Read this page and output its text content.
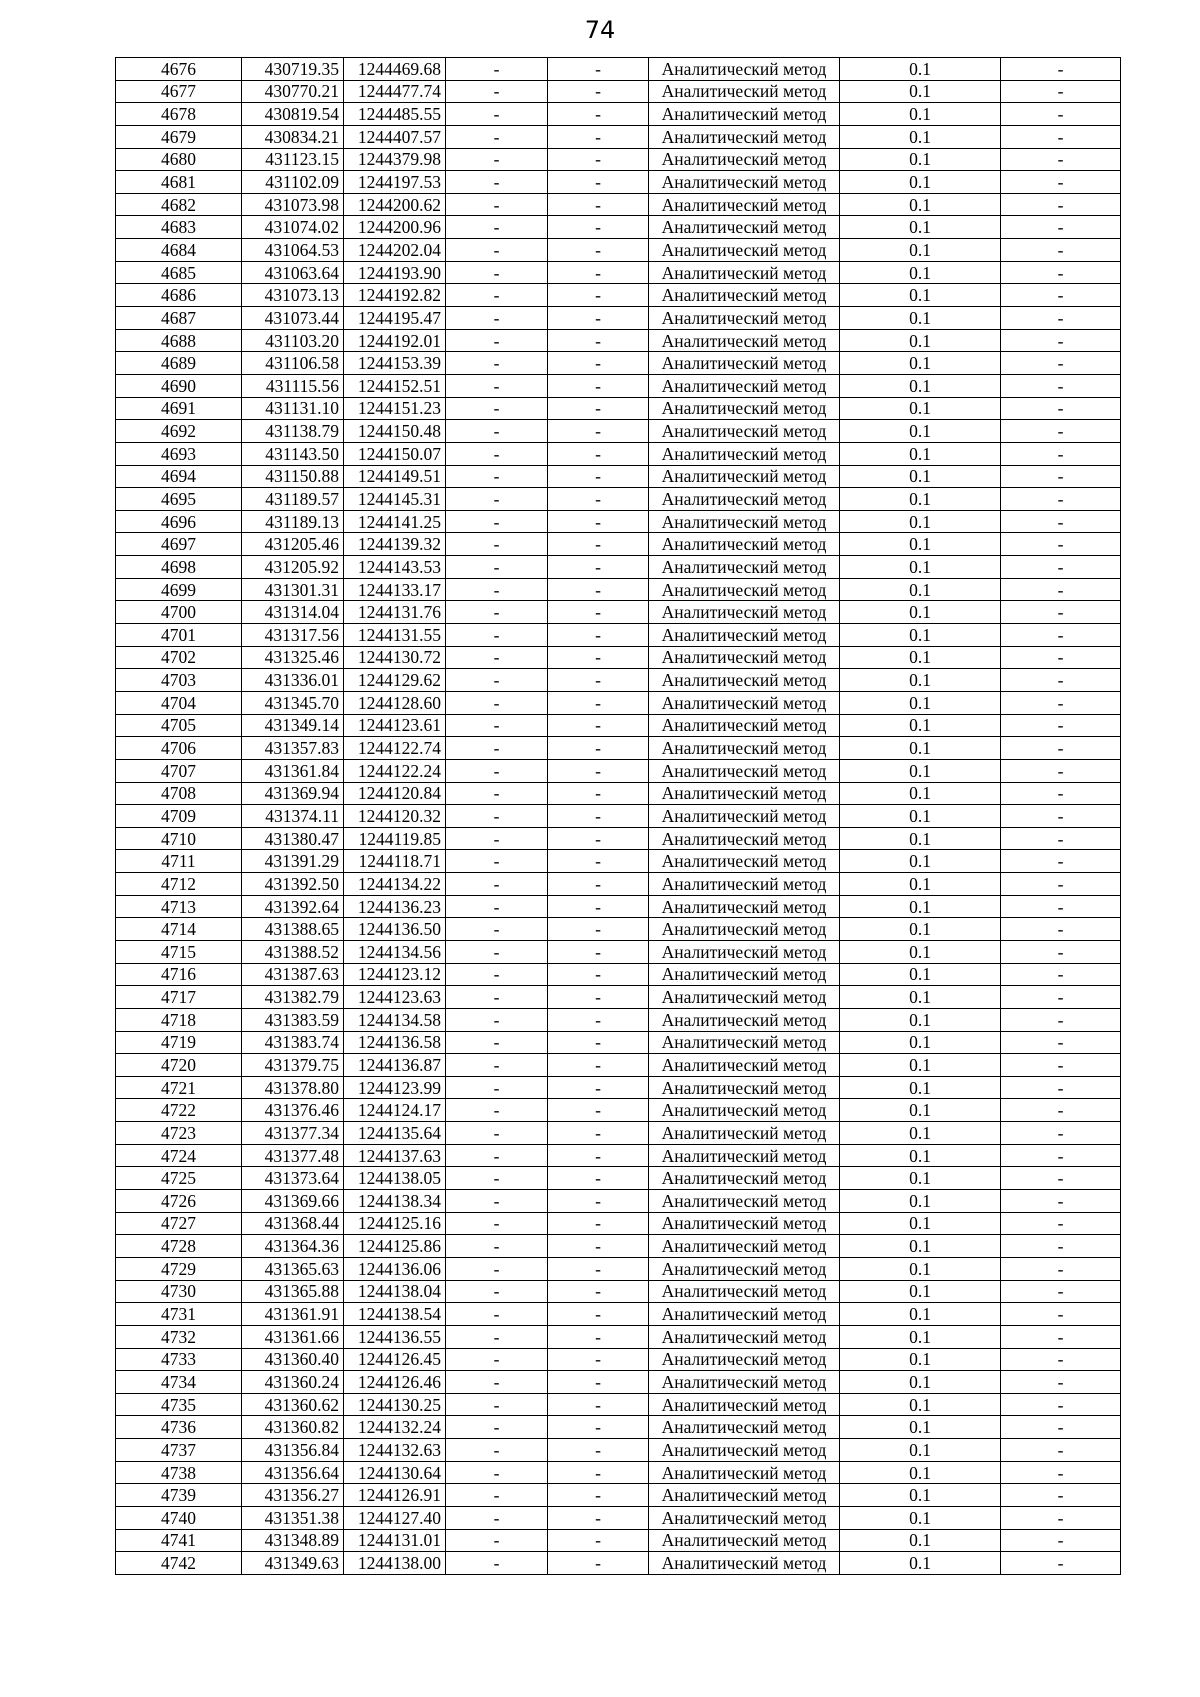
74
4676	430719.35	1244469.68	-	-	Аналитический метод	0.1	-
4677	430770.21	1244477.74	-	-	Аналитический метод	0.1	-
4678	430819.54	1244485.55	-	-	Аналитический метод	0.1	-
4679	430834.21	1244407.57	-	-	Аналитический метод	0.1	-
4680	431123.15	1244379.98	-	-	Аналитический метод	0.1	-
4681	431102.09	1244197.53	-	-	Аналитический метод	0.1	-
4682	431073.98	1244200.62	-	-	Аналитический метод	0.1	-
4683	431074.02	1244200.96	-	-	Аналитический метод	0.1	-
4684	431064.53	1244202.04	-	-	Аналитический метод	0.1	-
4685	431063.64	1244193.90	-	-	Аналитический метод	0.1	-
4686	431073.13	1244192.82	-	-	Аналитический метод	0.1	-
4687	431073.44	1244195.47	-	-	Аналитический метод	0.1	-
4688	431103.20	1244192.01	-	-	Аналитический метод	0.1	-
4689	431106.58	1244153.39	-	-	Аналитический метод	0.1	-
4690	431115.56	1244152.51	-	-	Аналитический метод	0.1	-
4691	431131.10	1244151.23	-	-	Аналитический метод	0.1	-
4692	431138.79	1244150.48	-	-	Аналитический метод	0.1	-
4693	431143.50	1244150.07	-	-	Аналитический метод	0.1	-
4694	431150.88	1244149.51	-	-	Аналитический метод	0.1	-
4695	431189.57	1244145.31	-	-	Аналитический метод	0.1	-
4696	431189.13	1244141.25	-	-	Аналитический метод	0.1	-
4697	431205.46	1244139.32	-	-	Аналитический метод	0.1	-
4698	431205.92	1244143.53	-	-	Аналитический метод	0.1	-
4699	431301.31	1244133.17	-	-	Аналитический метод	0.1	-
4700	431314.04	1244131.76	-	-	Аналитический метод	0.1	-
4701	431317.56	1244131.55	-	-	Аналитический метод	0.1	-
4702	431325.46	1244130.72	-	-	Аналитический метод	0.1	-
4703	431336.01	1244129.62	-	-	Аналитический метод	0.1	-
4704	431345.70	1244128.60	-	-	Аналитический метод	0.1	-
4705	431349.14	1244123.61	-	-	Аналитический метод	0.1	-
4706	431357.83	1244122.74	-	-	Аналитический метод	0.1	-
4707	431361.84	1244122.24	-	-	Аналитический метод	0.1	-
4708	431369.94	1244120.84	-	-	Аналитический метод	0.1	-
4709	431374.11	1244120.32	-	-	Аналитический метод	0.1	-
4710	431380.47	1244119.85	-	-	Аналитический метод	0.1	-
4711	431391.29	1244118.71	-	-	Аналитический метод	0.1	-
4712	431392.50	1244134.22	-	-	Аналитический метод	0.1	-
4713	431392.64	1244136.23	-	-	Аналитический метод	0.1	-
4714	431388.65	1244136.50	-	-	Аналитический метод	0.1	-
4715	431388.52	1244134.56	-	-	Аналитический метод	0.1	-
4716	431387.63	1244123.12	-	-	Аналитический метод	0.1	-
4717	431382.79	1244123.63	-	-	Аналитический метод	0.1	-
4718	431383.59	1244134.58	-	-	Аналитический метод	0.1	-
4719	431383.74	1244136.58	-	-	Аналитический метод	0.1	-
4720	431379.75	1244136.87	-	-	Аналитический метод	0.1	-
4721	431378.80	1244123.99	-	-	Аналитический метод	0.1	-
4722	431376.46	1244124.17	-	-	Аналитический метод	0.1	-
4723	431377.34	1244135.64	-	-	Аналитический метод	0.1	-
4724	431377.48	1244137.63	-	-	Аналитический метод	0.1	-
4725	431373.64	1244138.05	-	-	Аналитический метод	0.1	-
4726	431369.66	1244138.34	-	-	Аналитический метод	0.1	-
4727	431368.44	1244125.16	-	-	Аналитический метод	0.1	-
4728	431364.36	1244125.86	-	-	Аналитический метод	0.1	-
4729	431365.63	1244136.06	-	-	Аналитический метод	0.1	-
4730	431365.88	1244138.04	-	-	Аналитический метод	0.1	-
4731	431361.91	1244138.54	-	-	Аналитический метод	0.1	-
4732	431361.66	1244136.55	-	-	Аналитический метод	0.1	-
4733	431360.40	1244126.45	-	-	Аналитический метод	0.1	-
4734	431360.24	1244126.46	-	-	Аналитический метод	0.1	-
4735	431360.62	1244130.25	-	-	Аналитический метод	0.1	-
4736	431360.82	1244132.24	-	-	Аналитический метод	0.1	-
4737	431356.84	1244132.63	-	-	Аналитический метод	0.1	-
4738	431356.64	1244130.64	-	-	Аналитический метод	0.1	-
4739	431356.27	1244126.91	-	-	Аналитический метод	0.1	-
4740	431351.38	1244127.40	-	-	Аналитический метод	0.1	-
4741	431348.89	1244131.01	-	-	Аналитический метод	0.1	-
4742	431349.63	1244138.00	-	-	Аналитический метод	0.1	-
